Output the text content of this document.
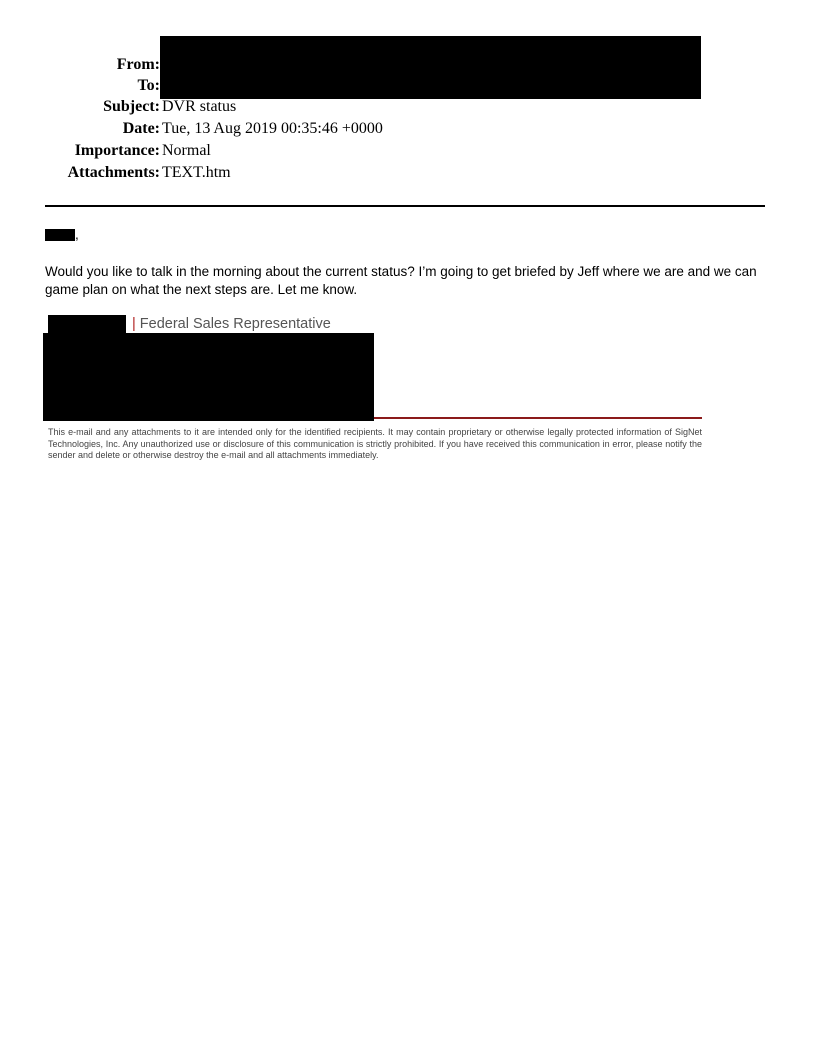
From:
To:
Subject: DVR status
Date: Tue, 13 Aug 2019 00:35:46 +0000
Importance: Normal
Attachments: TEXT.htm
,
Would you like to talk in the morning about the current status? I’m going to get briefed by Jeff where we are and we can game plan on what the next steps are. Let me know.
| Federal Sales Representative
This e-mail and any attachments to it are intended only for the identified recipients. It may contain proprietary or otherwise legally protected information of SigNet Technologies, Inc. Any unauthorized use or disclosure of this communication is strictly prohibited. If you have received this communication in error, please notify the sender and delete or otherwise destroy the e-mail and all attachments immediately.
